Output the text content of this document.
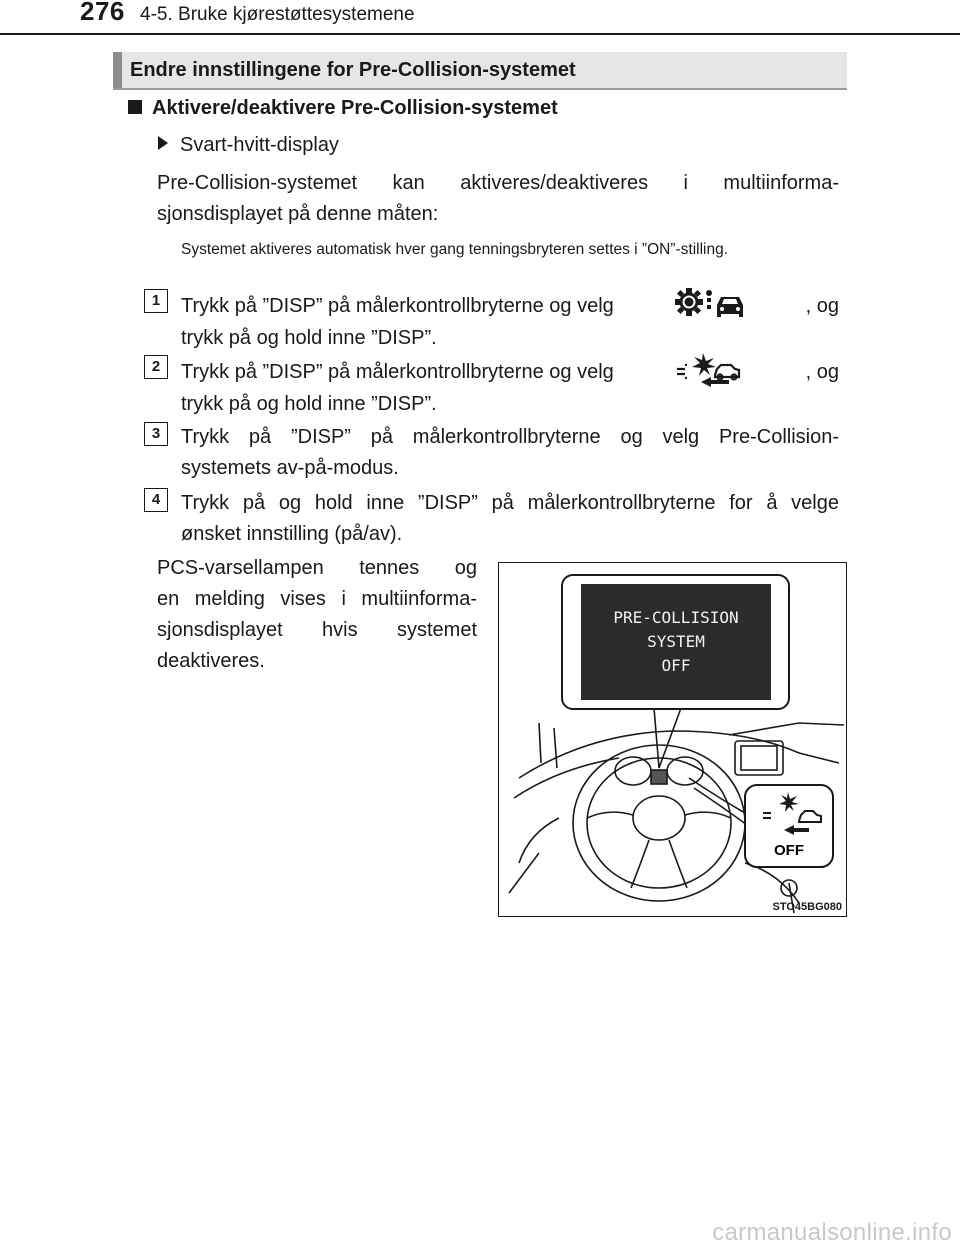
276 4-5. Bruke kjørestøttesystemene
Endre innstillingene for Pre-Collision-systemet
Aktivere/deaktivere Pre-Collision-systemet
Svart-hvitt-display
Pre-Collision-systemet kan aktiveres/deaktiveres i multiinforma-
sjonsdisplayet på denne måten:
Systemet aktiveres automatisk hver gang tenningsbryteren settes i ”ON”-stilling.
1	Trykk på ”DISP” på målerkontrollbryterne og velg	, og
trykk på og hold inne ”DISP”.
2	Trykk på ”DISP” på målerkontrollbryterne og velg	, og
trykk på og hold inne ”DISP”.
3	Trykk på ”DISP” på målerkontrollbryterne og velg Pre-Collision-
systemets av-på-modus.
4	Trykk på og hold inne ”DISP” på målerkontrollbryterne for å velge
ønsket innstilling (på/av).
PCS-varsellampen tennes og
en melding vises i multiinforma-
sjonsdisplayet hvis systemet
deaktiveres.
OFF
PRE-COLLISION
SYSTEM
OFF
STO45BG080
carmanualsonline.info
